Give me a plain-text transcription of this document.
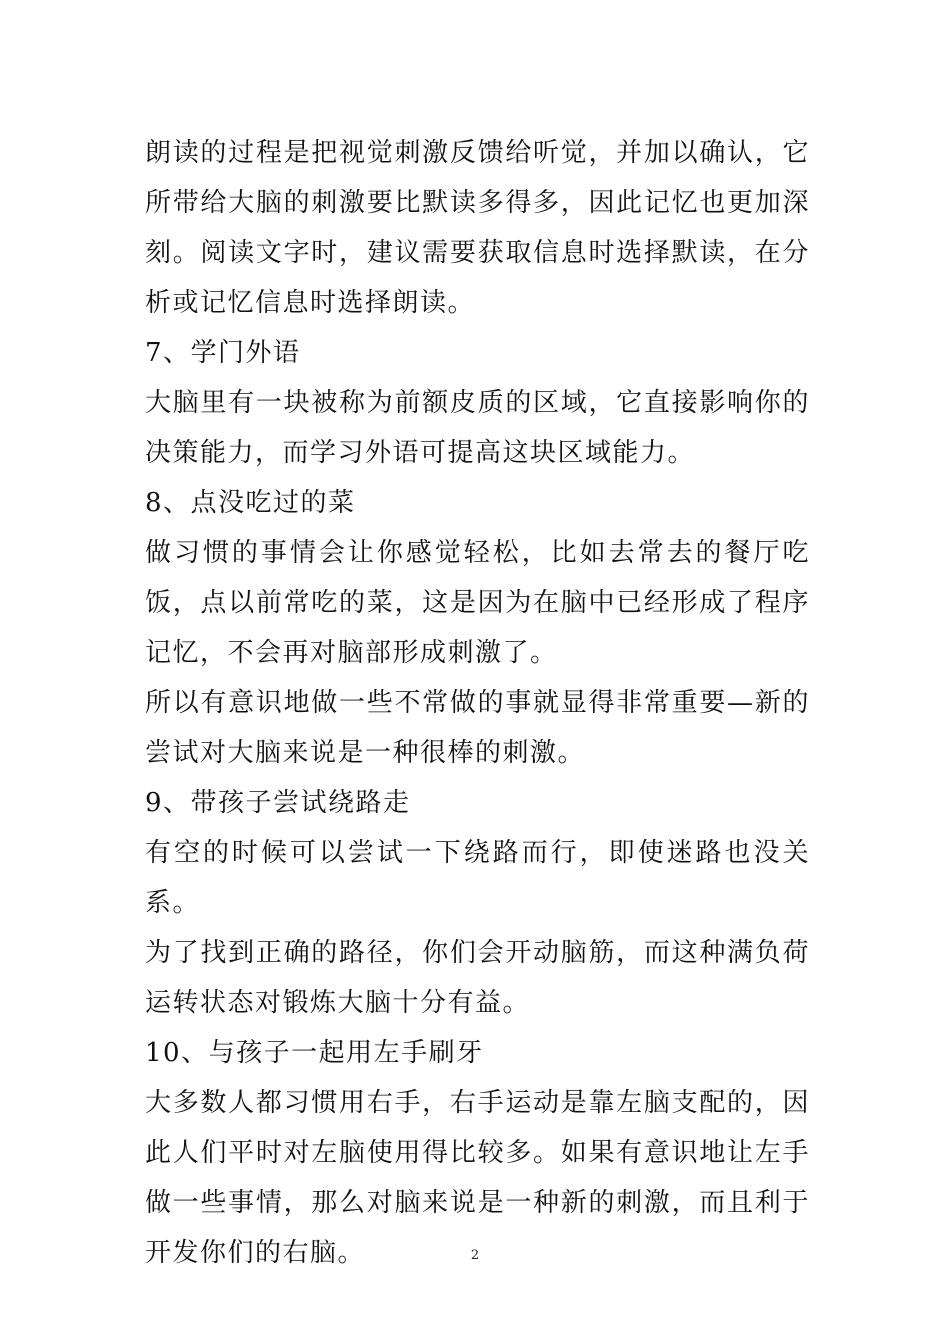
朗读的过程是把视觉刺激反馈给听觉，并加以确认，它所带给大脑的刺激要比默读多得多，因此记忆也更加深刻。阅读文字时，建议需要获取信息时选择默读，在分析或记忆信息时选择朗读。

7、学门外语

大脑里有一块被称为前额皮质的区域，它直接影响你的决策能力，而学习外语可提高这块区域能力。

8、点没吃过的菜

做习惯的事情会让你感觉轻松，比如去常去的餐厅吃饭，点以前常吃的菜，这是因为在脑中已经形成了程序记忆，不会再对脑部形成刺激了。

所以有意识地做一些不常做的事就显得非常重要—新的尝试对大脑来说是一种很棒的刺激。

9、带孩子尝试绕路走

有空的时候可以尝试一下绕路而行，即使迷路也没关系。

为了找到正确的路径，你们会开动脑筋，而这种满负荷运转状态对锻炼大脑十分有益。

10、与孩子一起用左手刷牙

大多数人都习惯用右手，右手运动是靠左脑支配的，因此人们平时对左脑使用得比较多。如果有意识地让左手做一些事情，那么对脑来说是一种新的刺激，而且利于开发你们的右脑。	2
